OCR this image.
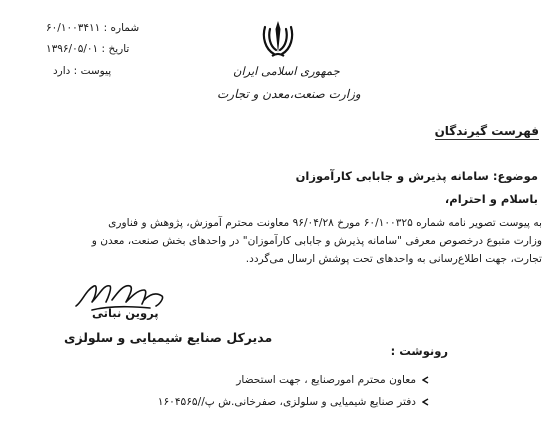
شماره : ۶۰/۱۰۰۳۴۱۱
تاریخ : ۱۳۹۶/۰۵/۰۱
پیوست : دارد	جمهوری اسلامی ایران
وزارت صنعت،معدن و تجارت
فهرست گیرندگان
موضوع: سامانه پذیرش و جابابی کارآموزان
باسلام و احترام،
به پیوست تصویر نامه شماره ۶۰/۱۰۰۳۲۵ مورخ ۹۶/۰۴/۲۸ معاونت محترم آموزش، پژوهش و فناوری
وزارت متبوع درخصوص معرفی "سامانه پذیرش و جابابی کارآموزان" در واحدهای بخش صنعت، معدن و
تجارت، جهت اطلاع‌رسانی به واحدهای تحت پوشش ارسال می‌گردد.
پروین نباتی
مدیرکل صنایع شیمیایی و سلولزی
رونوشت :
معاون محترم امورصنایع ، جهت استحضار
دفتر صنایع شیمیایی و سلولزی، صفرخانی.ش پ//۱۶۰۴۵۶۵
